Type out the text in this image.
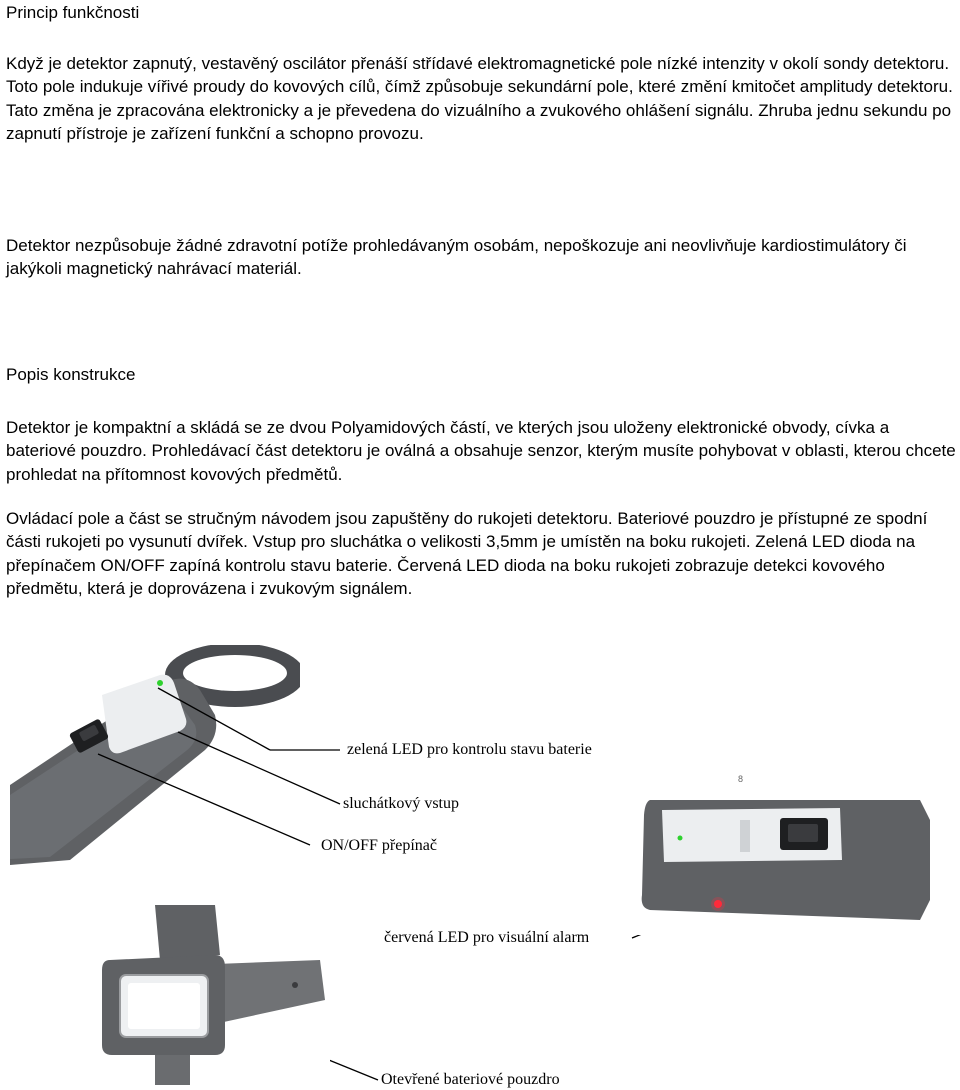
Princip funkčnosti

Když je detektor zapnutý, vestavěný oscilátor přenáší střídavé elektromagnetické pole nízké intenzity v okolí sondy detektoru. Toto pole indukuje vířivé proudy do kovových cílů, čímž způsobuje sekundární pole, které změní kmitočet amplitudy detektoru. Tato změna je zpracována elektronicky a je převedena do vizuálního a zvukového ohlášení signálu. Zhruba jednu sekundu po zapnutí přístroje je zařízení funkční a schopno provozu.

Detektor nezpůsobuje žádné zdravotní potíže prohledávaným osobám, nepoškozuje ani neovlivňuje kardiostimulátory či jakýkoli magnetický nahrávací materiál.

Popis konstrukce

Detektor je kompaktní a skládá se ze dvou Polyamidových částí, ve kterých jsou uloženy elektronické obvody, cívka a bateriové pouzdro. Prohledávací část detektoru je oválná a obsahuje senzor, kterým musíte pohybovat v oblasti, kterou chcete prohledat na přítomnost kovových předmětů.

Ovládací pole a část se stručným návodem jsou zapuštěny do rukojeti detektoru. Bateriové pouzdro je přístupné ze spodní části rukojeti po vysunutí dvířek. Vstup pro sluchátka o velikosti 3,5mm je umístěn na boku rukojeti. Zelená LED dioda na přepínačem ON/OFF zapíná kontrolu stavu baterie. Červená LED dioda na boku rukojeti zobrazuje detekci kovového předmětu, která je doprovázena i zvukovým signálem.

8
zelená LED pro kontrolu stavu baterie
sluchátkový vstup
ON/OFF přepínač
červená LED pro visuální alarm
Otevřené bateriové pouzdro
